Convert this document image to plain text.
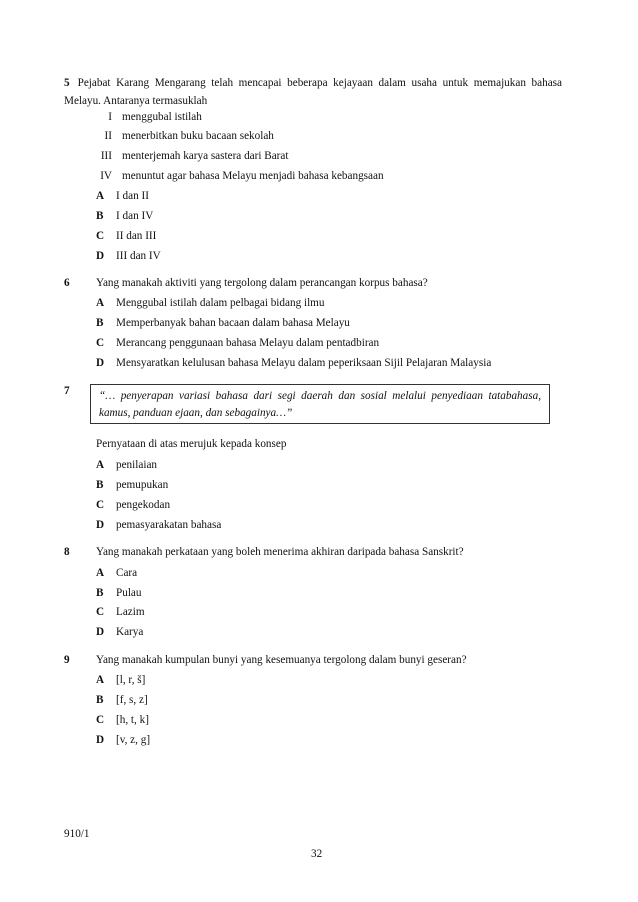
5 Pejabat Karang Mengarang telah mencapai beberapa kejayaan dalam usaha untuk memajukan bahasa Melayu. Antaranya termasuklah
I menggubal istilah
II menerbitkan buku bacaan sekolah
III menterjemah karya sastera dari Barat
IV menuntut agar bahasa Melayu menjadi bahasa kebangsaan
A I dan II
B I dan IV
C II dan III
D III dan IV
6 Yang manakah aktiviti yang tergolong dalam perancangan korpus bahasa?
A Menggubal istilah dalam pelbagai bidang ilmu
B Memperbanyak bahan bacaan dalam bahasa Melayu
C Merancang penggunaan bahasa Melayu dalam pentadbiran
D Mensyaratkan kelulusan bahasa Melayu dalam peperiksaan Sijil Pelajaran Malaysia
7	“… penyerapan variasi bahasa dari segi daerah dan sosial melalui penyediaan tatabahasa, kamus, panduan ejaan, dan sebagainya…”
Pernyataan di atas merujuk kepada konsep
A penilaian
B pemupukan
C pengekodan
D pemasyarakatan bahasa
8 Yang manakah perkataan yang boleh menerima akhiran daripada bahasa Sanskrit?
A Cara
B Pulau
C Lazim
D Karya
9 Yang manakah kumpulan bunyi yang kesemuanya tergolong dalam bunyi geseran?
A [l, r, š]
B [f, s, z]
C [h, t, k]
D [v, z, g]
910/1
32
